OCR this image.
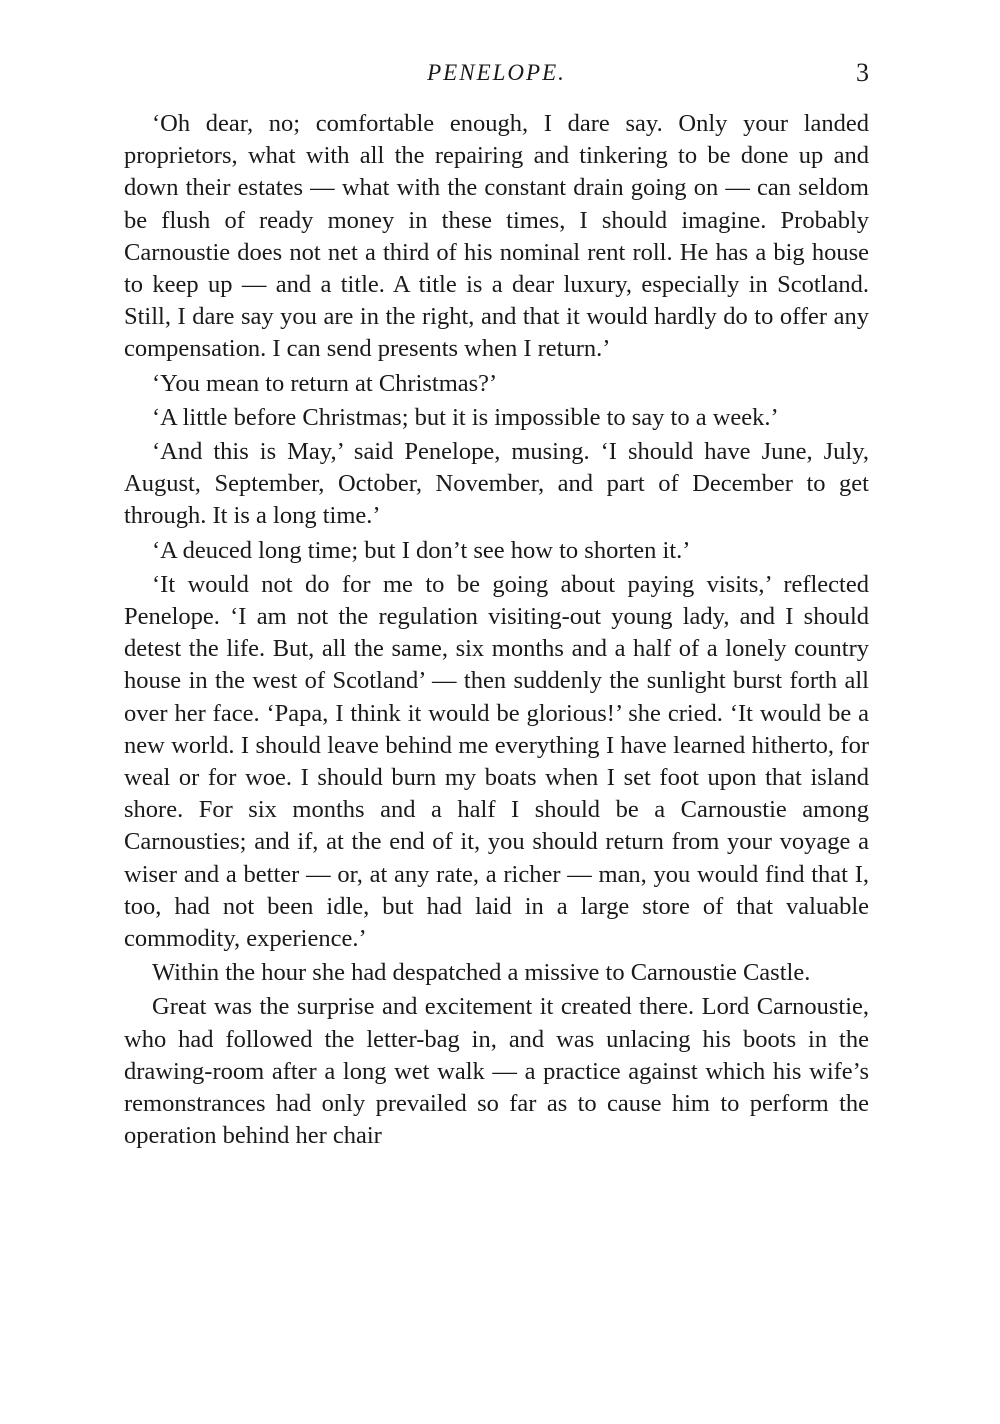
PENELOPE.	3

‘Oh dear, no; comfortable enough, I dare say. Only your landed proprietors, what with all the repairing and tinkering to be done up and down their estates — what with the constant drain going on — can seldom be flush of ready money in these times, I should imagine. Probably Carnoustie does not net a third of his nominal rent roll. He has a big house to keep up — and a title. A title is a dear luxury, especially in Scotland. Still, I dare say you are in the right, and that it would hardly do to offer any compensation. I can send presents when I return.’

‘You mean to return at Christmas?’

‘A little before Christmas; but it is impossible to say to a week.’

‘And this is May,’ said Penelope, musing. ‘I should have June, July, August, September, October, November, and part of December to get through. It is a long time.’

‘A deuced long time; but I don’t see how to shorten it.’

‘It would not do for me to be going about paying visits,’ reflected Penelope. ‘I am not the regulation visiting-out young lady, and I should detest the life. But, all the same, six months and a half of a lonely country house in the west of Scotland’ — then suddenly the sunlight burst forth all over her face. ‘Papa, I think it would be glorious!’ she cried. ‘It would be a new world. I should leave behind me everything I have learned hitherto, for weal or for woe. I should burn my boats when I set foot upon that island shore. For six months and a half I should be a Carnoustie among Carnousties; and if, at the end of it, you should return from your voyage a wiser and a better — or, at any rate, a richer — man, you would find that I, too, had not been idle, but had laid in a large store of that valuable commodity, experience.’

Within the hour she had despatched a missive to Carnoustie Castle.

Great was the surprise and excitement it created there. Lord Carnoustie, who had followed the letter-bag in, and was unlacing his boots in the drawing-room after a long wet walk — a practice against which his wife’s remonstrances had only prevailed so far as to cause him to perform the operation behind her chair
